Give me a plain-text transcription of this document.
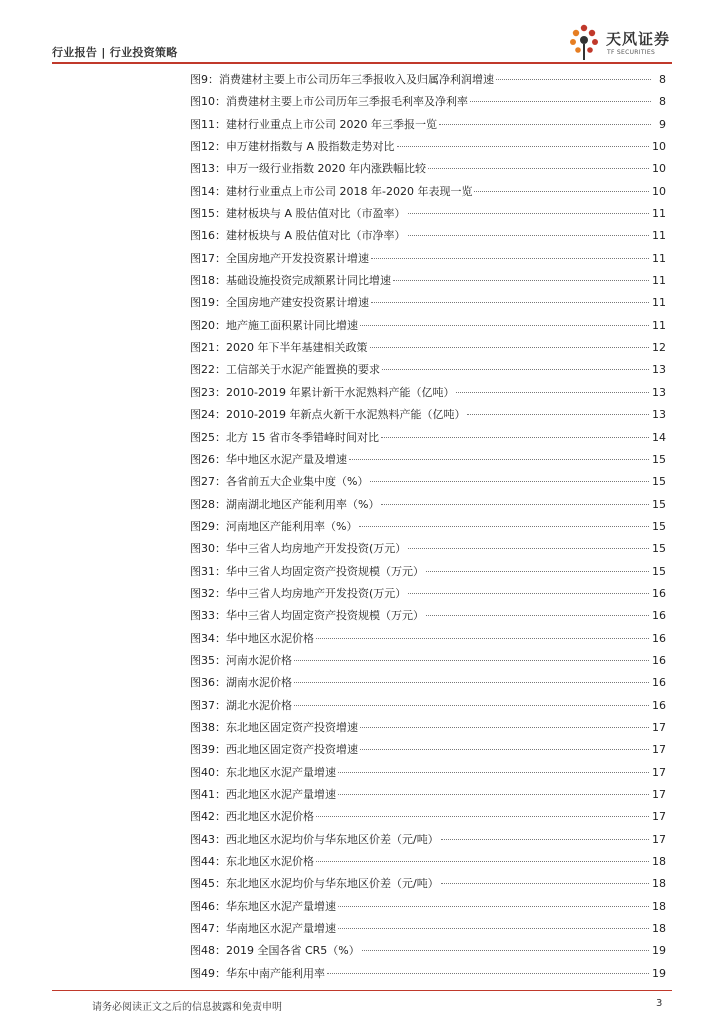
行业报告 | 行业投资策略
天风证券
TF SECURITIES
图9： 消费建材主要上市公司历年三季报收入及归属净利润增速	8
图10： 消费建材主要上市公司历年三季报毛利率及净利率	8
图11： 建材行业重点上市公司 2020 年三季报一览	9
图12： 申万建材指数与 A 股指数走势对比	10
图13： 申万一级行业指数 2020 年内涨跌幅比较	10
图14： 建材行业重点上市公司 2018 年-2020 年表现一览	10
图15： 建材板块与 A 股估值对比（市盈率）	11
图16： 建材板块与 A 股估值对比（市净率）	11
图17： 全国房地产开发投资累计增速	11
图18： 基础设施投资完成额累计同比增速	11
图19： 全国房地产建安投资累计增速	11
图20： 地产施工面积累计同比增速	11
图21： 2020 年下半年基建相关政策	12
图22： 工信部关于水泥产能置换的要求	13
图23： 2010-2019 年累计新干水泥熟料产能（亿吨）	13
图24： 2010-2019 年新点火新干水泥熟料产能（亿吨）	13
图25： 北方 15 省市冬季错峰时间对比	14
图26： 华中地区水泥产量及增速	15
图27： 各省前五大企业集中度（%）	15
图28： 湖南湖北地区产能利用率（%）	15
图29： 河南地区产能利用率（%）	15
图30： 华中三省人均房地产开发投资(万元）	15
图31： 华中三省人均固定资产投资规模（万元）	15
图32： 华中三省人均房地产开发投资(万元）	16
图33： 华中三省人均固定资产投资规模（万元）	16
图34： 华中地区水泥价格	16
图35： 河南水泥价格	16
图36： 湖南水泥价格	16
图37： 湖北水泥价格	16
图38： 东北地区固定资产投资增速	17
图39： 西北地区固定资产投资增速	17
图40： 东北地区水泥产量增速	17
图41： 西北地区水泥产量增速	17
图42： 西北地区水泥价格	17
图43： 西北地区水泥均价与华东地区价差（元/吨）	17
图44： 东北地区水泥价格	18
图45： 东北地区水泥均价与华东地区价差（元/吨）	18
图46： 华东地区水泥产量增速	18
图47： 华南地区水泥产量增速	18
图48： 2019 全国各省 CR5（%）	19
图49： 华东中南产能利用率	19
请务必阅读正文之后的信息披露和免责申明	3
